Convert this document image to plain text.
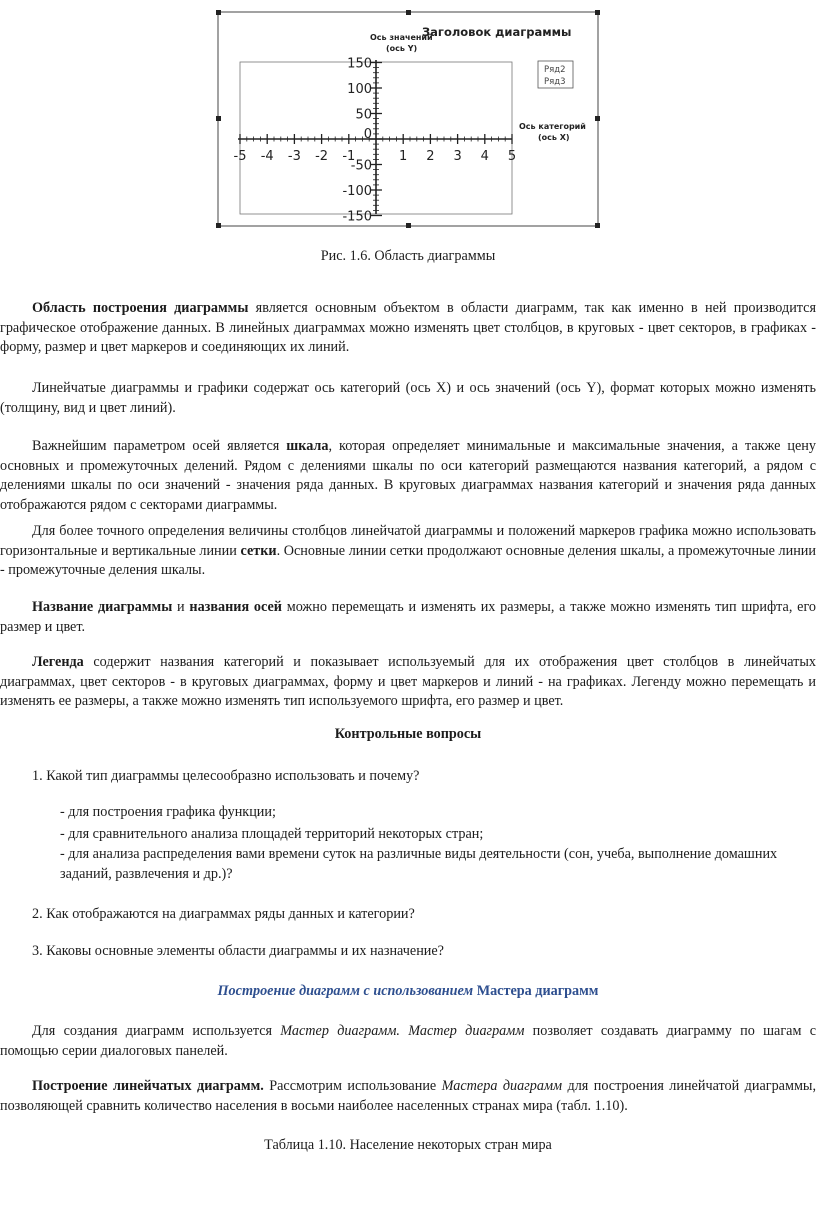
-5 -4 -3 -2 -1	1 2 3 4 5
150
100
50
0
-50
-100
-150
Заголовок диаграммы
Ось значений
(ось Y)
Ось категорий
(ось X)
Ряд2
Ряд3

Рис. 1.6. Область диаграммы

Область построения диаграммы является основным объектом в области диаграмм, так как именно в ней производится графическое отображение данных. В линейных диаграммах можно изменять цвет столбцов, в круговых - цвет секторов, в графиках - форму, размер и цвет маркеров и соединяющих их линий.

Линейчатые диаграммы и графики содержат ось категорий (ось X) и ось значений (ось Y), формат которых можно изменять (толщину, вид и цвет линий).

Важнейшим параметром осей является шкала, которая определяет минимальные и максимальные значения, а также цену основных и промежуточных делений. Рядом с делениями шкалы по оси категорий размещаются названия категорий, а рядом с делениями шкалы по оси значений - значения ряда данных. В круговых диаграммах названия категорий и значения ряда данных отображаются рядом с секторами диаграммы.

Для более точного определения величины столбцов линейчатой диаграммы и положений маркеров графика можно использовать горизонтальные и вертикальные линии сетки. Основные линии сетки продолжают основные деления шкалы, а промежуточные линии - промежуточные деления шкалы.

Название диаграммы и названия осей можно перемещать и изменять их размеры, а также можно изменять тип шрифта, его размер и цвет.

Легенда содержит названия категорий и показывает используемый для их отображения цвет столбцов в линейчатых диаграммах, цвет секторов - в круговых диаграммах, форму и цвет маркеров и линий - на графиках. Легенду можно перемещать и изменять ее размеры, а также можно изменять тип используемого шрифта, его размер и цвет.

Контрольные вопросы

1. Какой тип диаграммы целесообразно использовать и почему?

- для построения графика функции;

- для сравнительного анализа площадей территорий некоторых стран;

- для анализа распределения вами времени суток на различные виды деятельности (сон, учеба, выполнение домашних заданий, развлечения и др.)?

2. Как отображаются на диаграммах ряды данных и категории?

3. Каковы основные элементы области диаграммы и их назначение?

Построение диаграмм с использованием Мастера диаграмм

Для создания диаграмм используется Мастер диаграмм. Мастер диаграмм позволяет создавать диаграмму по шагам с помощью серии диалоговых панелей.

Построение линейчатых диаграмм. Рассмотрим использование Мастера диаграмм для построения линейчатой диаграммы, позволяющей сравнить количество населения в восьми наиболее населенных странах мира (табл. 1.10).

Таблица 1.10. Население некоторых стран мира
